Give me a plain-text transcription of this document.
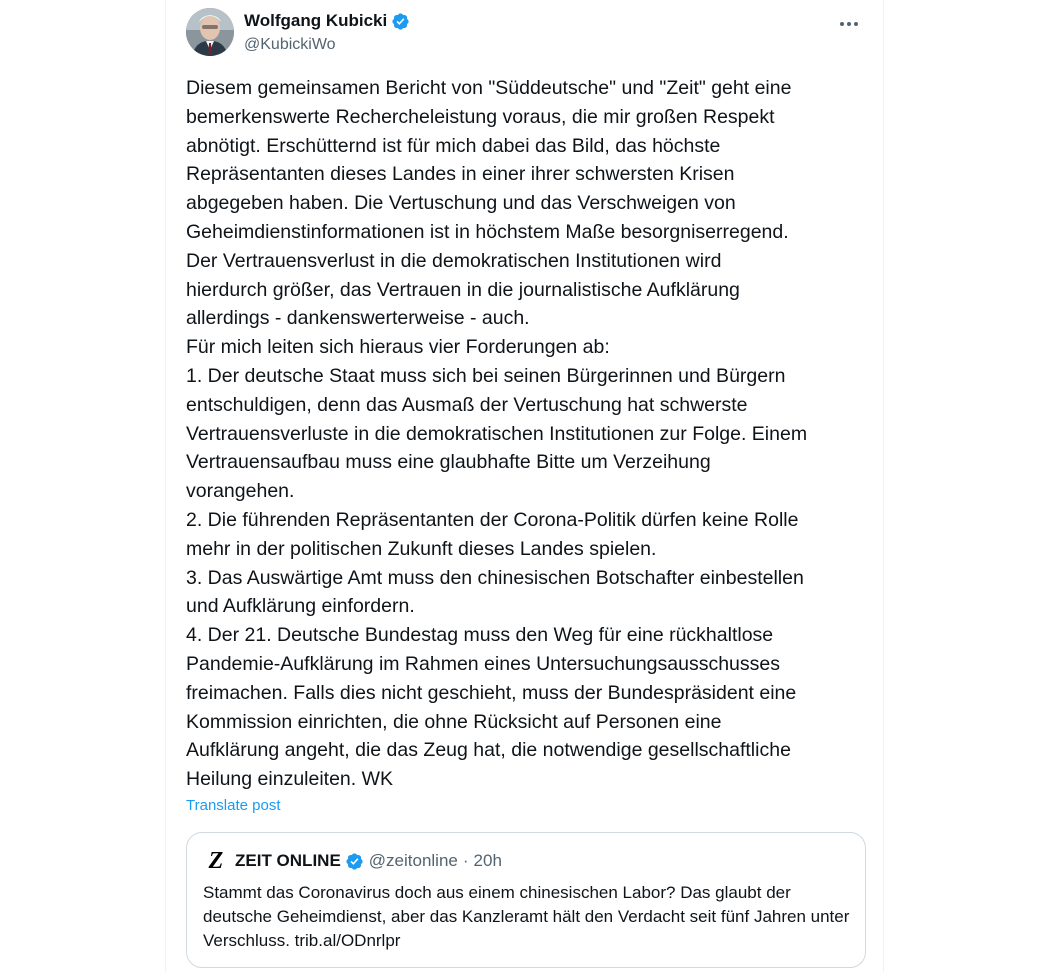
Wolfgang Kubicki
@KubickiWo
Diesem gemeinsamen Bericht von "Süddeutsche" und "Zeit" geht eine
bemerkenswerte Rechercheleistung voraus, die mir großen Respekt
abnötigt. Erschütternd ist für mich dabei das Bild, das höchste
Repräsentanten dieses Landes in einer ihrer schwersten Krisen
abgegeben haben. Die Vertuschung und das Verschweigen von
Geheimdienstinformationen ist in höchstem Maße besorgniserregend.
Der Vertrauensverlust in die demokratischen Institutionen wird
hierdurch größer, das Vertrauen in die journalistische Aufklärung
allerdings - dankenswerterweise - auch.
Für mich leiten sich hieraus vier Forderungen ab:
1. Der deutsche Staat muss sich bei seinen Bürgerinnen und Bürgern
entschuldigen, denn das Ausmaß der Vertuschung hat schwerste
Vertrauensverluste in die demokratischen Institutionen zur Folge. Einem
Vertrauensaufbau muss eine glaubhafte Bitte um Verzeihung
vorangehen.
2. Die führenden Repräsentanten der Corona-Politik dürfen keine Rolle
mehr in der politischen Zukunft dieses Landes spielen.
3. Das Auswärtige Amt muss den chinesischen Botschafter einbestellen
und Aufklärung einfordern.
4. Der 21. Deutsche Bundestag muss den Weg für eine rückhaltlose
Pandemie-Aufklärung im Rahmen eines Untersuchungsausschusses
freimachen. Falls dies nicht geschieht, muss der Bundespräsident eine
Kommission einrichten, die ohne Rücksicht auf Personen eine
Aufklärung angeht, die das Zeug hat, die notwendige gesellschaftliche
Heilung einzuleiten. WK
Translate post
Z ZEIT ONLINE @zeitonline · 20h
Stammt das Coronavirus doch aus einem chinesischen Labor? Das glaubt der deutsche Geheimdienst, aber das Kanzleramt hält den Verdacht seit fünf Jahren unter Verschluss. trib.al/ODnrlpr
